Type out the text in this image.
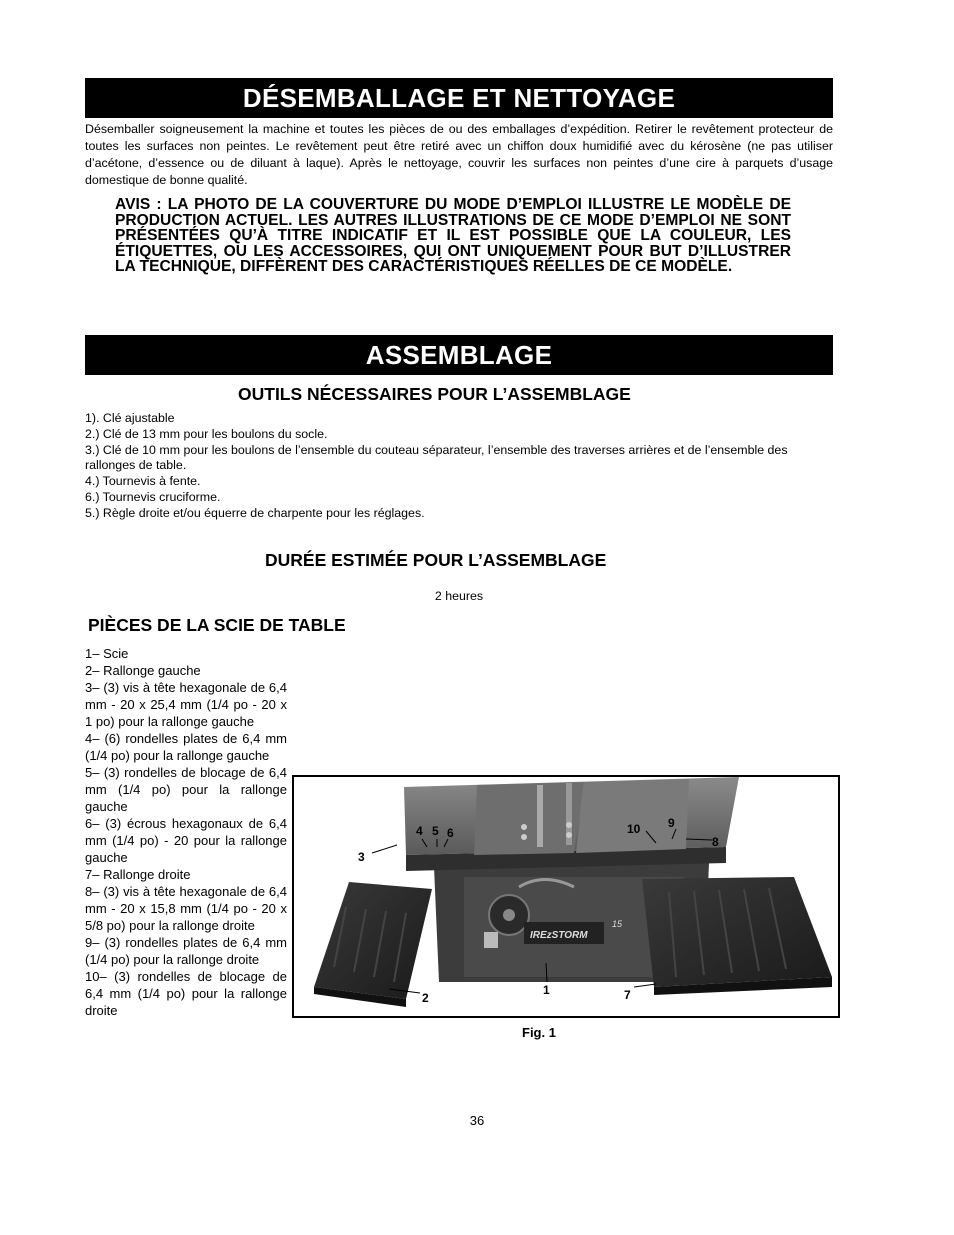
DÉSEMBALLAGE ET NETTOYAGE
Désemballer soigneusement la machine et toutes les pièces de ou des emballages d’expédition. Retirer le revêtement protecteur de toutes les surfaces non peintes. Le revêtement peut être retiré avec un chiffon doux humidifié avec du kérosène (ne pas utiliser d’acétone, d’essence ou de diluant à laque). Après le nettoyage, couvrir les surfaces non peintes d’une cire à parquets d’usage domestique de bonne qualité.
AVIS : LA PHOTO DE LA COUVERTURE DU MODE D’EMPLOI ILLUSTRE LE MODÈLE DE PRODUCTION ACTUEL. LES AUTRES ILLUSTRATIONS DE CE MODE D’EMPLOI NE SONT PRÉSENTÉES QU’À TITRE INDICATIF ET IL EST POSSIBLE QUE LA COULEUR, LES ÉTIQUETTES, OU LES ACCESSOIRES, QUI ONT UNIQUEMENT POUR BUT D’ILLUSTRER LA TECHNIQUE, DIFFÈRENT DES CARACTÉRISTIQUES RÉELLES DE CE MODÈLE.
ASSEMBLAGE
OUTILS NÉCESSAIRES POUR L’ASSEMBLAGE
1). Clé ajustable
2.) Clé de 13 mm pour les boulons du socle.
3.) Clé de 10 mm pour les boulons de l’ensemble du couteau séparateur, l’ensemble des traverses arrières et de l’ensemble des rallonges de table.
4.) Tournevis à fente.
6.) Tournevis cruciforme.
5.) Règle droite et/ou équerre de charpente pour les réglages.
DURÉE ESTIMÉE POUR L’ASSEMBLAGE
2 heures
PIÈCES DE LA SCIE DE TABLE
1– Scie
2– Rallonge gauche
3– (3) vis à tête hexagonale de 6,4 mm - 20 x 25,4 mm (1/4 po - 20 x 1 po) pour la rallonge gauche
4– (6) rondelles plates de 6,4 mm (1/4 po) pour la rallonge gauche
5– (3) rondelles de blocage de 6,4 mm (1/4 po) pour la rallonge gauche
6– (3) écrous hexagonaux de 6,4 mm (1/4 po) - 20 pour la rallonge gauche
7– Rallonge droite
8– (3) vis à tête hexagonale de 6,4 mm - 20 x 15,8 mm (1/4 po - 20 x 5/8 po) pour la rallonge droite
9– (3) rondelles plates de 6,4 mm (1/4 po) pour la rallonge droite
10– (3) rondelles de blocage de 6,4 mm (1/4 po) pour la rallonge droite
IREᴢSTORM
15
1
2
3
4 5 6
7
8
9
10
Fig. 1
36
